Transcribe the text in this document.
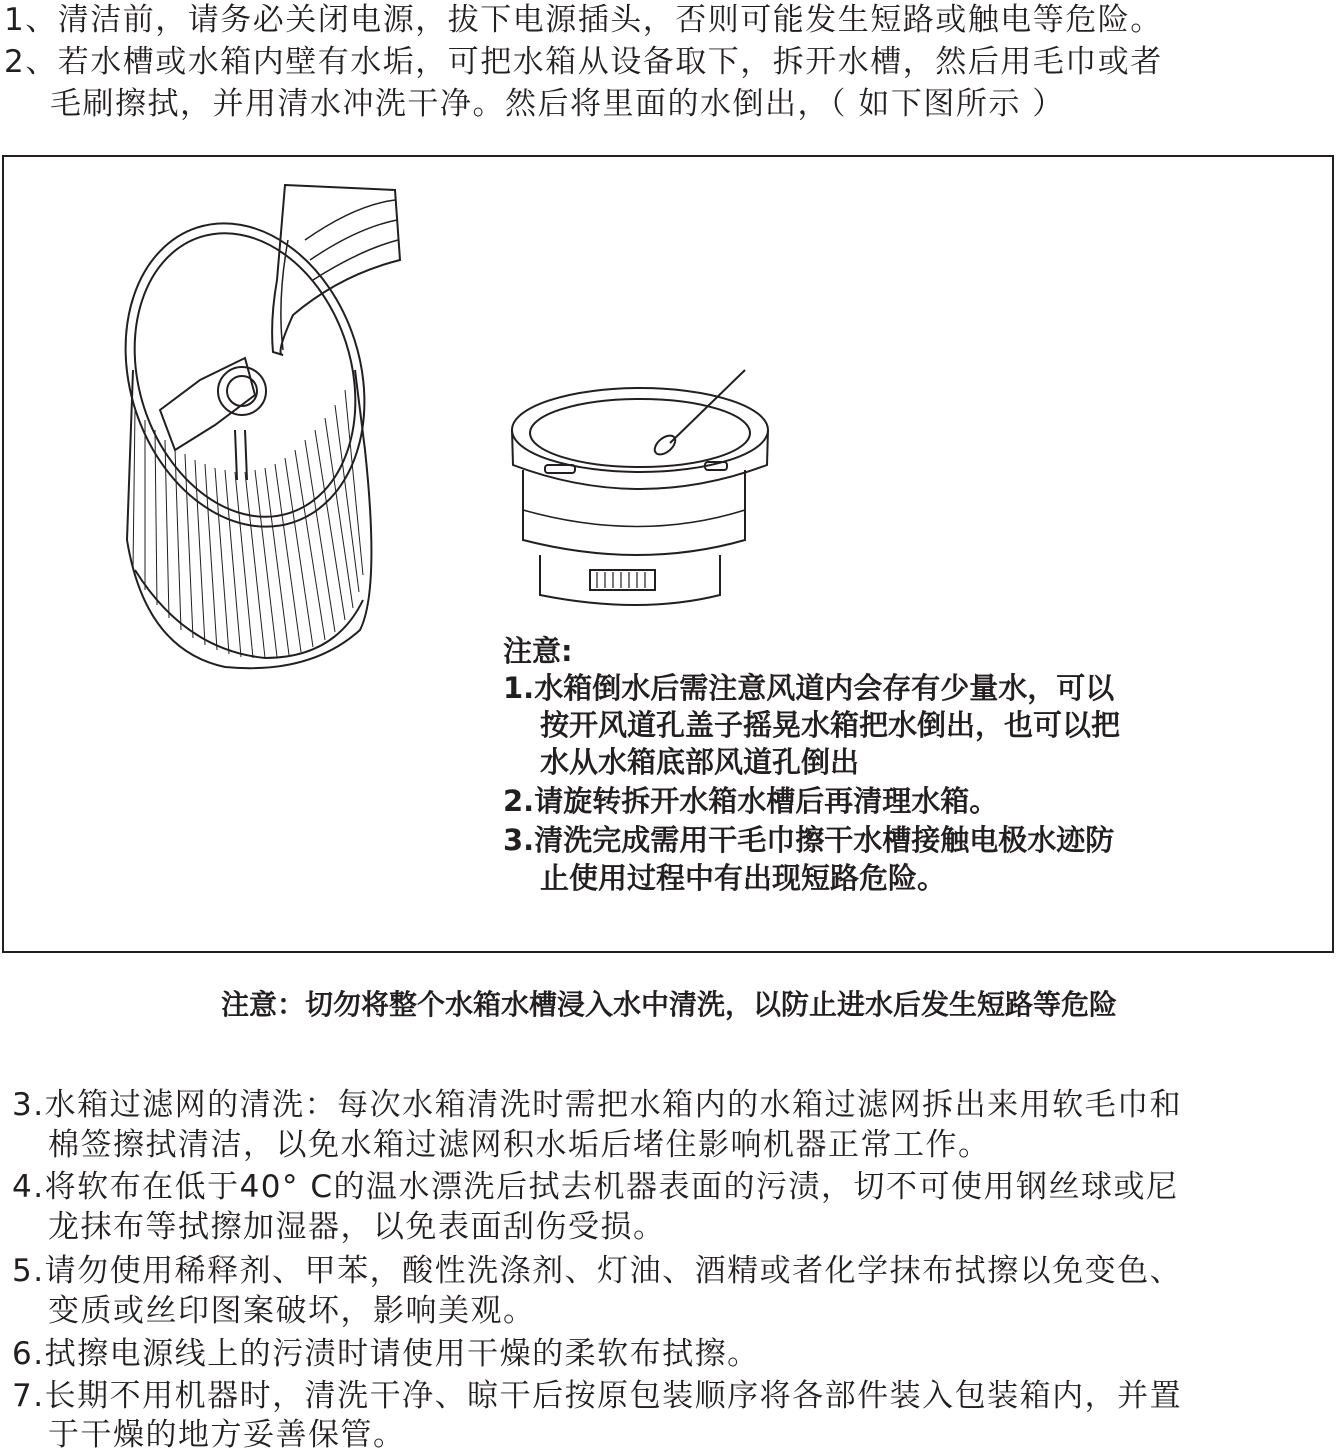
1、清洁前，请务必关闭电源，拔下电源插头，否则可能发生短路或触电等危险。
2、若水槽或水箱内壁有水垢，可把水箱从设备取下，拆开水槽，然后用毛巾或者
毛刷擦拭，并用清水冲洗干净。然后将里面的水倒出，（ 如下图所示 ）
注意:
1.水箱倒水后需注意风道内会存有少量水，可以
按开风道孔盖子摇晃水箱把水倒出，也可以把
水从水箱底部风道孔倒出
2.请旋转拆开水箱水槽后再清理水箱。
3.清洗完成需用干毛巾擦干水槽接触电极水迹防
止使用过程中有出现短路危险。
注意：切勿将整个水箱水槽浸入水中清洗，以防止进水后发生短路等危险
3.水箱过滤网的清洗：每次水箱清洗时需把水箱内的水箱过滤网拆出来用软毛巾和
棉签擦拭清洁，以免水箱过滤网积水垢后堵住影响机器正常工作。
4.将软布在低于40° C的温水漂洗后拭去机器表面的污渍，切不可使用钢丝球或尼
龙抹布等拭擦加湿器，以免表面刮伤受损。
5.请勿使用稀释剂、甲苯，酸性洗涤剂、灯油、酒精或者化学抹布拭擦以免变色、
变质或丝印图案破坏，影响美观。
6.拭擦电源线上的污渍时请使用干燥的柔软布拭擦。
7.长期不用机器时，清洗干净、晾干后按原包装顺序将各部件装入包装箱内，并置
于干燥的地方妥善保管。
